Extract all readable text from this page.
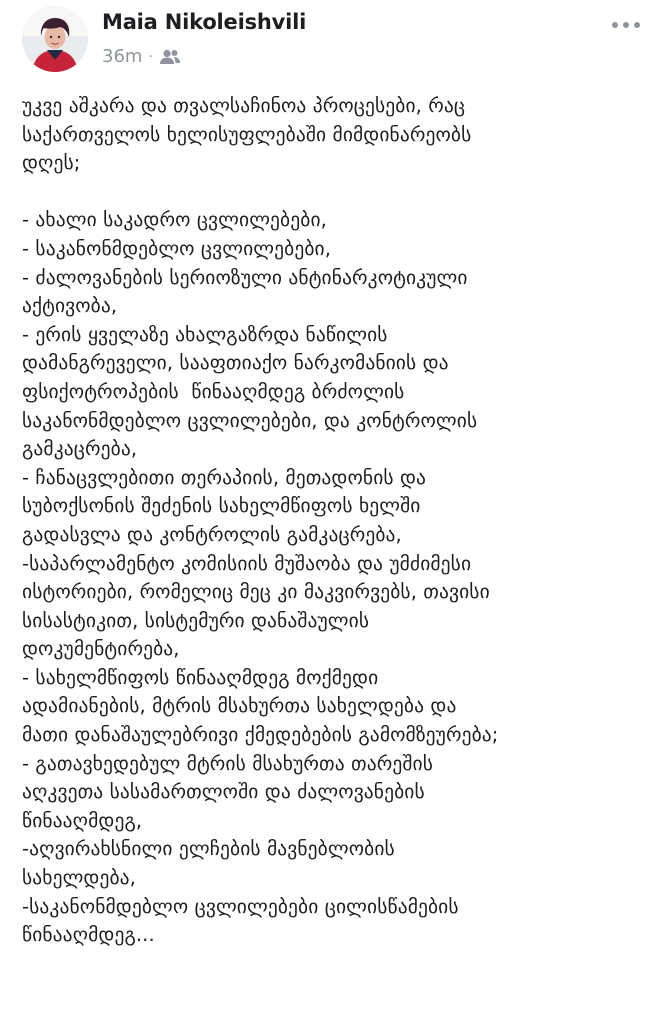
Maia Nikoleishvili
36m ·
უკვე აშკარა და თვალსაჩინოა პროცესები, რაც
საქართველოს ხელისუფლებაში მიმდინარეობს
დღეს;

- ახალი საკადრო ცვლილებები,
- საკანონმდებლო ცვლილებები,
- ძალოვანების სერიოზული ანტინარკოტიკული
აქტივობა,
- ერის ყველაზე ახალგაზრდა ნაწილის
დამანგრეველი, სააფთიაქო ნარკომანიის და
ფსიქოტროპების  წინააღმდეგ ბრძოლის
საკანონმდებლო ცვლილებები, და კონტროლის
გამკაცრება,
- ჩანაცვლებითი თერაპიის, მეთადონის და
სუბოქსონის შეძენის სახელმწიფოს ხელში
გადასვლა და კონტროლის გამკაცრება,
-საპარლამენტო კომისიის მუშაობა და უმძიმესი
ისტორიები, რომელიც მეც კი მაკვირვებს, თავისი
სისასტიკით, სისტემური დანაშაულის
დოკუმენტირება,
- სახელმწიფოს წინააღმდეგ მოქმედი
ადამიანების, მტრის მსახურთა სახელდება და
მათი დანაშაულებრივი ქმედებების გამომზეურება;
- გათავხედებულ მტრის მსახურთა თარეშის
აღკვეთა სასამართლოში და ძალოვანების
წინააღმდეგ,
-აღვირახსნილი ელჩების მავნებლობის
სახელდება,
-საკანონმდებლო ცვლილებები ცილისწამების
წინააღმდეგ...
